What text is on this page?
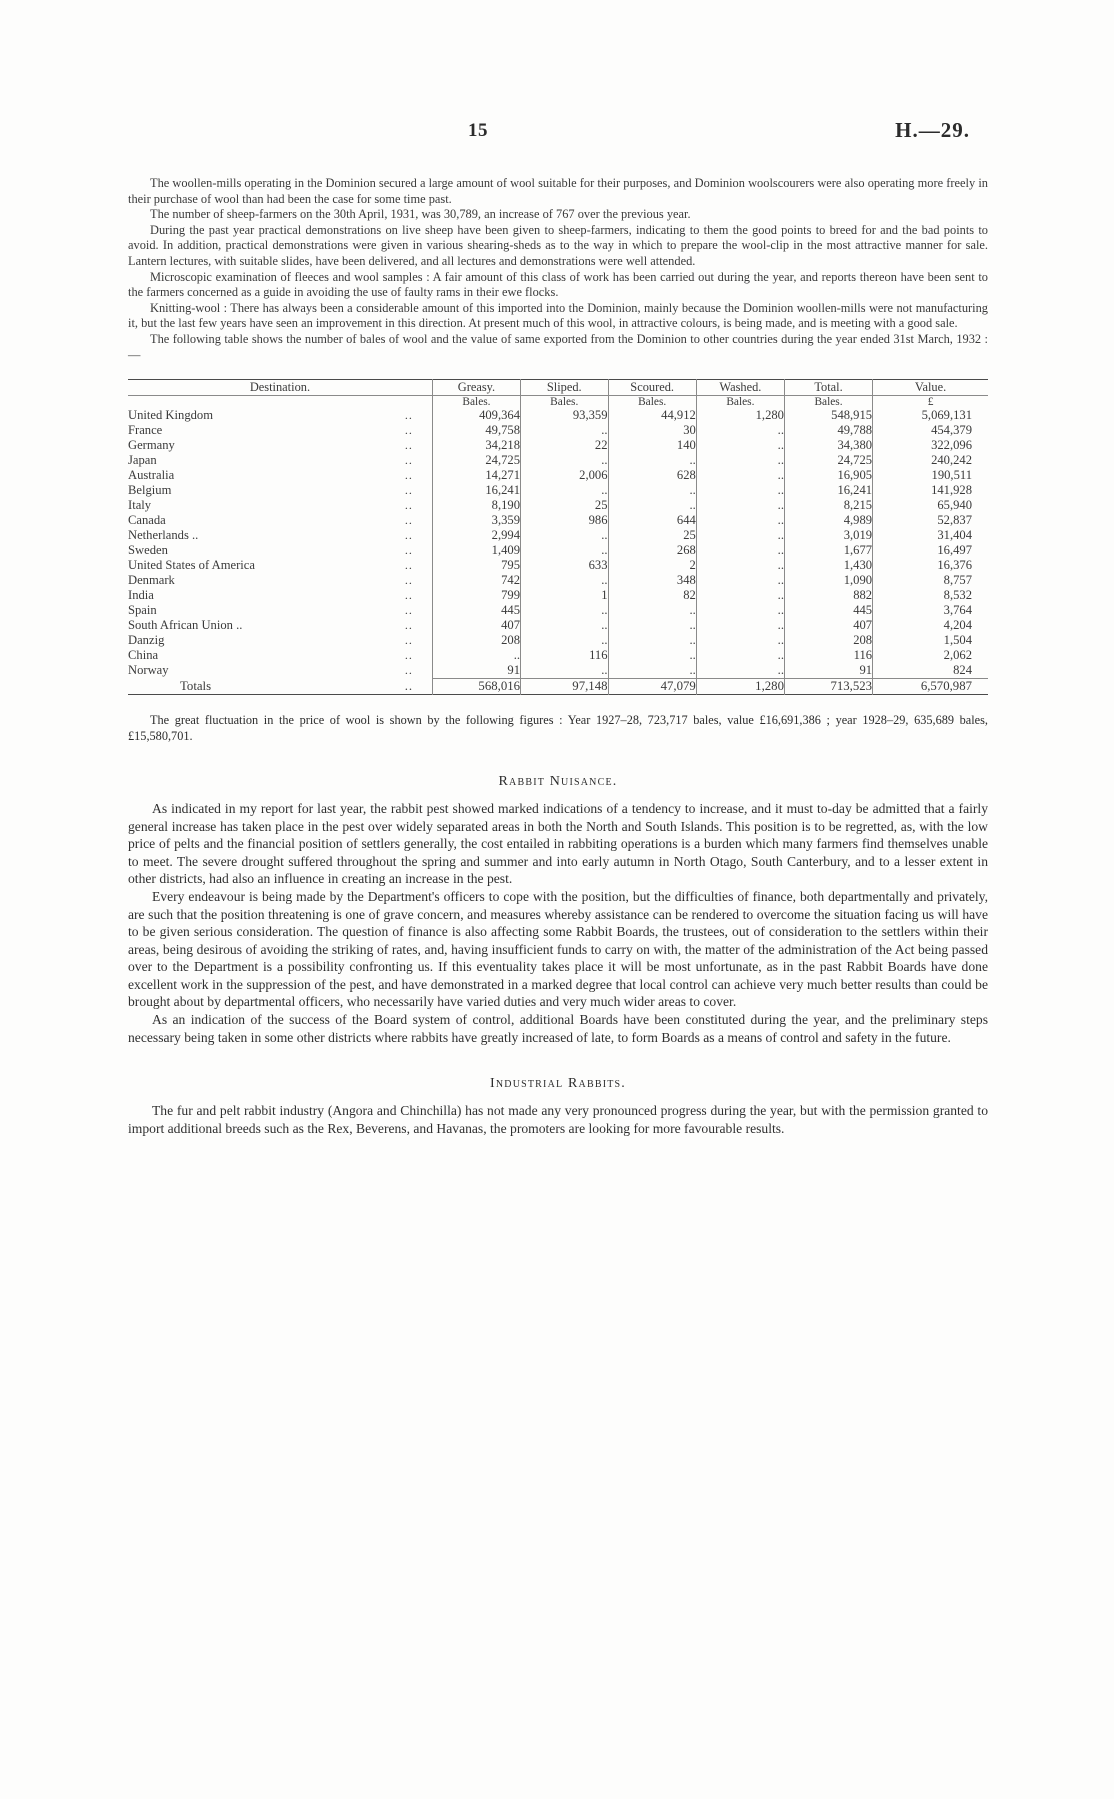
15	H.—29.

The woollen-mills operating in the Dominion secured a large amount of wool suitable for their purposes, and Dominion woolscourers were also operating more freely in their purchase of wool than had been the case for some time past.

The number of sheep-farmers on the 30th April, 1931, was 30,789, an increase of 767 over the previous year.

During the past year practical demonstrations on live sheep have been given to sheep-farmers, indicating to them the good points to breed for and the bad points to avoid. In addition, practical demonstrations were given in various shearing-sheds as to the way in which to prepare the wool-clip in the most attractive manner for sale. Lantern lectures, with suitable slides, have been delivered, and all lectures and demonstrations were well attended.

Microscopic examination of fleeces and wool samples : A fair amount of this class of work has been carried out during the year, and reports thereon have been sent to the farmers concerned as a guide in avoiding the use of faulty rams in their ewe flocks.

Knitting-wool : There has always been a considerable amount of this imported into the Dominion, mainly because the Dominion woollen-mills were not manufacturing it, but the last few years have seen an improvement in this direction. At present much of this wool, in attractive colours, is being made, and is meeting with a good sale.

The following table shows the number of bales of wool and the value of same exported from the Dominion to other countries during the year ended 31st March, 1932 :—

Destination.		Greasy.	Sliped.	Scoured.	Washed.	Total.	Value.
		Bales.	Bales.	Bales.	Bales.	Bales.	£
United Kingdom	..	409,364	93,359	44,912	1,280	548,915	5,069,131
France	..	49,758	..	30	..	49,788	454,379
Germany	..	34,218	22	140	..	34,380	322,096
Japan	..	24,725	..	..	..	24,725	240,242
Australia	..	14,271	2,006	628	..	16,905	190,511
Belgium	..	16,241	..	..	..	16,241	141,928
Italy	..	8,190	25	..	..	8,215	65,940
Canada	..	3,359	986	644	..	4,989	52,837
Netherlands ..	..	2,994	..	25	..	3,019	31,404
Sweden	..	1,409	..	268	..	1,677	16,497
United States of America	..	795	633	2	..	1,430	16,376
Denmark	..	742	..	348	..	1,090	8,757
India	..	799	1	82	..	882	8,532
Spain	..	445	..	..	..	445	3,764
South African Union ..	..	407	..	..	..	407	4,204
Danzig	..	208	..	..	..	208	1,504
China	..	..	116	..	..	116	2,062
Norway	..	91	..	..	..	91	824
Totals	..	568,016	97,148	47,079	1,280	713,523	6,570,987

The great fluctuation in the price of wool is shown by the following figures : Year 1927–28, 723,717 bales, value £16,691,386 ; year 1928–29, 635,689 bales, £15,580,701.

Rabbit Nuisance.

As indicated in my report for last year, the rabbit pest showed marked indications of a tendency to increase, and it must to-day be admitted that a fairly general increase has taken place in the pest over widely separated areas in both the North and South Islands. This position is to be regretted, as, with the low price of pelts and the financial position of settlers generally, the cost entailed in rabbiting operations is a burden which many farmers find themselves unable to meet. The severe drought suffered throughout the spring and summer and into early autumn in North Otago, South Canterbury, and to a lesser extent in other districts, had also an influence in creating an increase in the pest.

Every endeavour is being made by the Department's officers to cope with the position, but the difficulties of finance, both departmentally and privately, are such that the position threatening is one of grave concern, and measures whereby assistance can be rendered to overcome the situation facing us will have to be given serious consideration. The question of finance is also affecting some Rabbit Boards, the trustees, out of consideration to the settlers within their areas, being desirous of avoiding the striking of rates, and, having insufficient funds to carry on with, the matter of the administration of the Act being passed over to the Department is a possibility confronting us. If this eventuality takes place it will be most unfortunate, as in the past Rabbit Boards have done excellent work in the suppression of the pest, and have demonstrated in a marked degree that local control can achieve very much better results than could be brought about by departmental officers, who necessarily have varied duties and very much wider areas to cover.

As an indication of the success of the Board system of control, additional Boards have been constituted during the year, and the preliminary steps necessary being taken in some other districts where rabbits have greatly increased of late, to form Boards as a means of control and safety in the future.

Industrial Rabbits.

The fur and pelt rabbit industry (Angora and Chinchilla) has not made any very pronounced progress during the year, but with the permission granted to import additional breeds such as the Rex, Beverens, and Havanas, the promoters are looking for more favourable results.
